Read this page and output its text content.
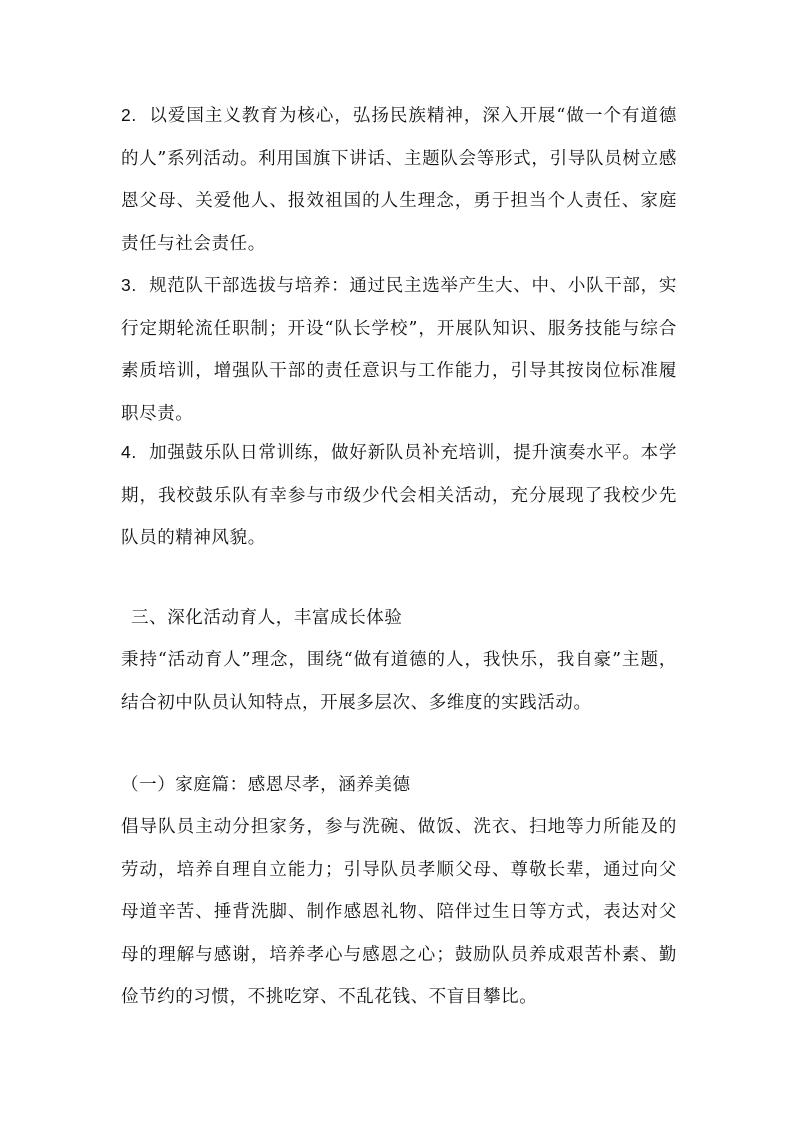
2. 以爱国主义教育为核心，弘扬民族精神，深入开展“做一个有道德的人”系列活动。利用国旗下讲话、主题队会等形式，引导队员树立感恩父母、关爱他人、报效祖国的人生理念，勇于担当个人责任、家庭责任与社会责任。

3. 规范队干部选拔与培养：通过民主选举产生大、中、小队干部，实行定期轮流任职制；开设“队长学校”，开展队知识、服务技能与综合素质培训，增强队干部的责任意识与工作能力，引导其按岗位标准履职尽责。

4. 加强鼓乐队日常训练，做好新队员补充培训，提升演奏水平。本学期，我校鼓乐队有幸参与市级少代会相关活动，充分展现了我校少先队员的精神风貌。

三、深化活动育人，丰富成长体验

秉持“活动育人”理念，围绕“做有道德的人，我快乐，我自豪”主题，结合初中队员认知特点，开展多层次、多维度的实践活动。

（一）家庭篇：感恩尽孝，涵养美德

倡导队员主动分担家务，参与洗碗、做饭、洗衣、扫地等力所能及的劳动，培养自理自立能力；引导队员孝顺父母、尊敬长辈，通过向父母道辛苦、捶背洗脚、制作感恩礼物、陪伴过生日等方式，表达对父母的理解与感谢，培养孝心与感恩之心；鼓励队员养成艰苦朴素、勤俭节约的习惯，不挑吃穿、不乱花钱、不盲目攀比。
